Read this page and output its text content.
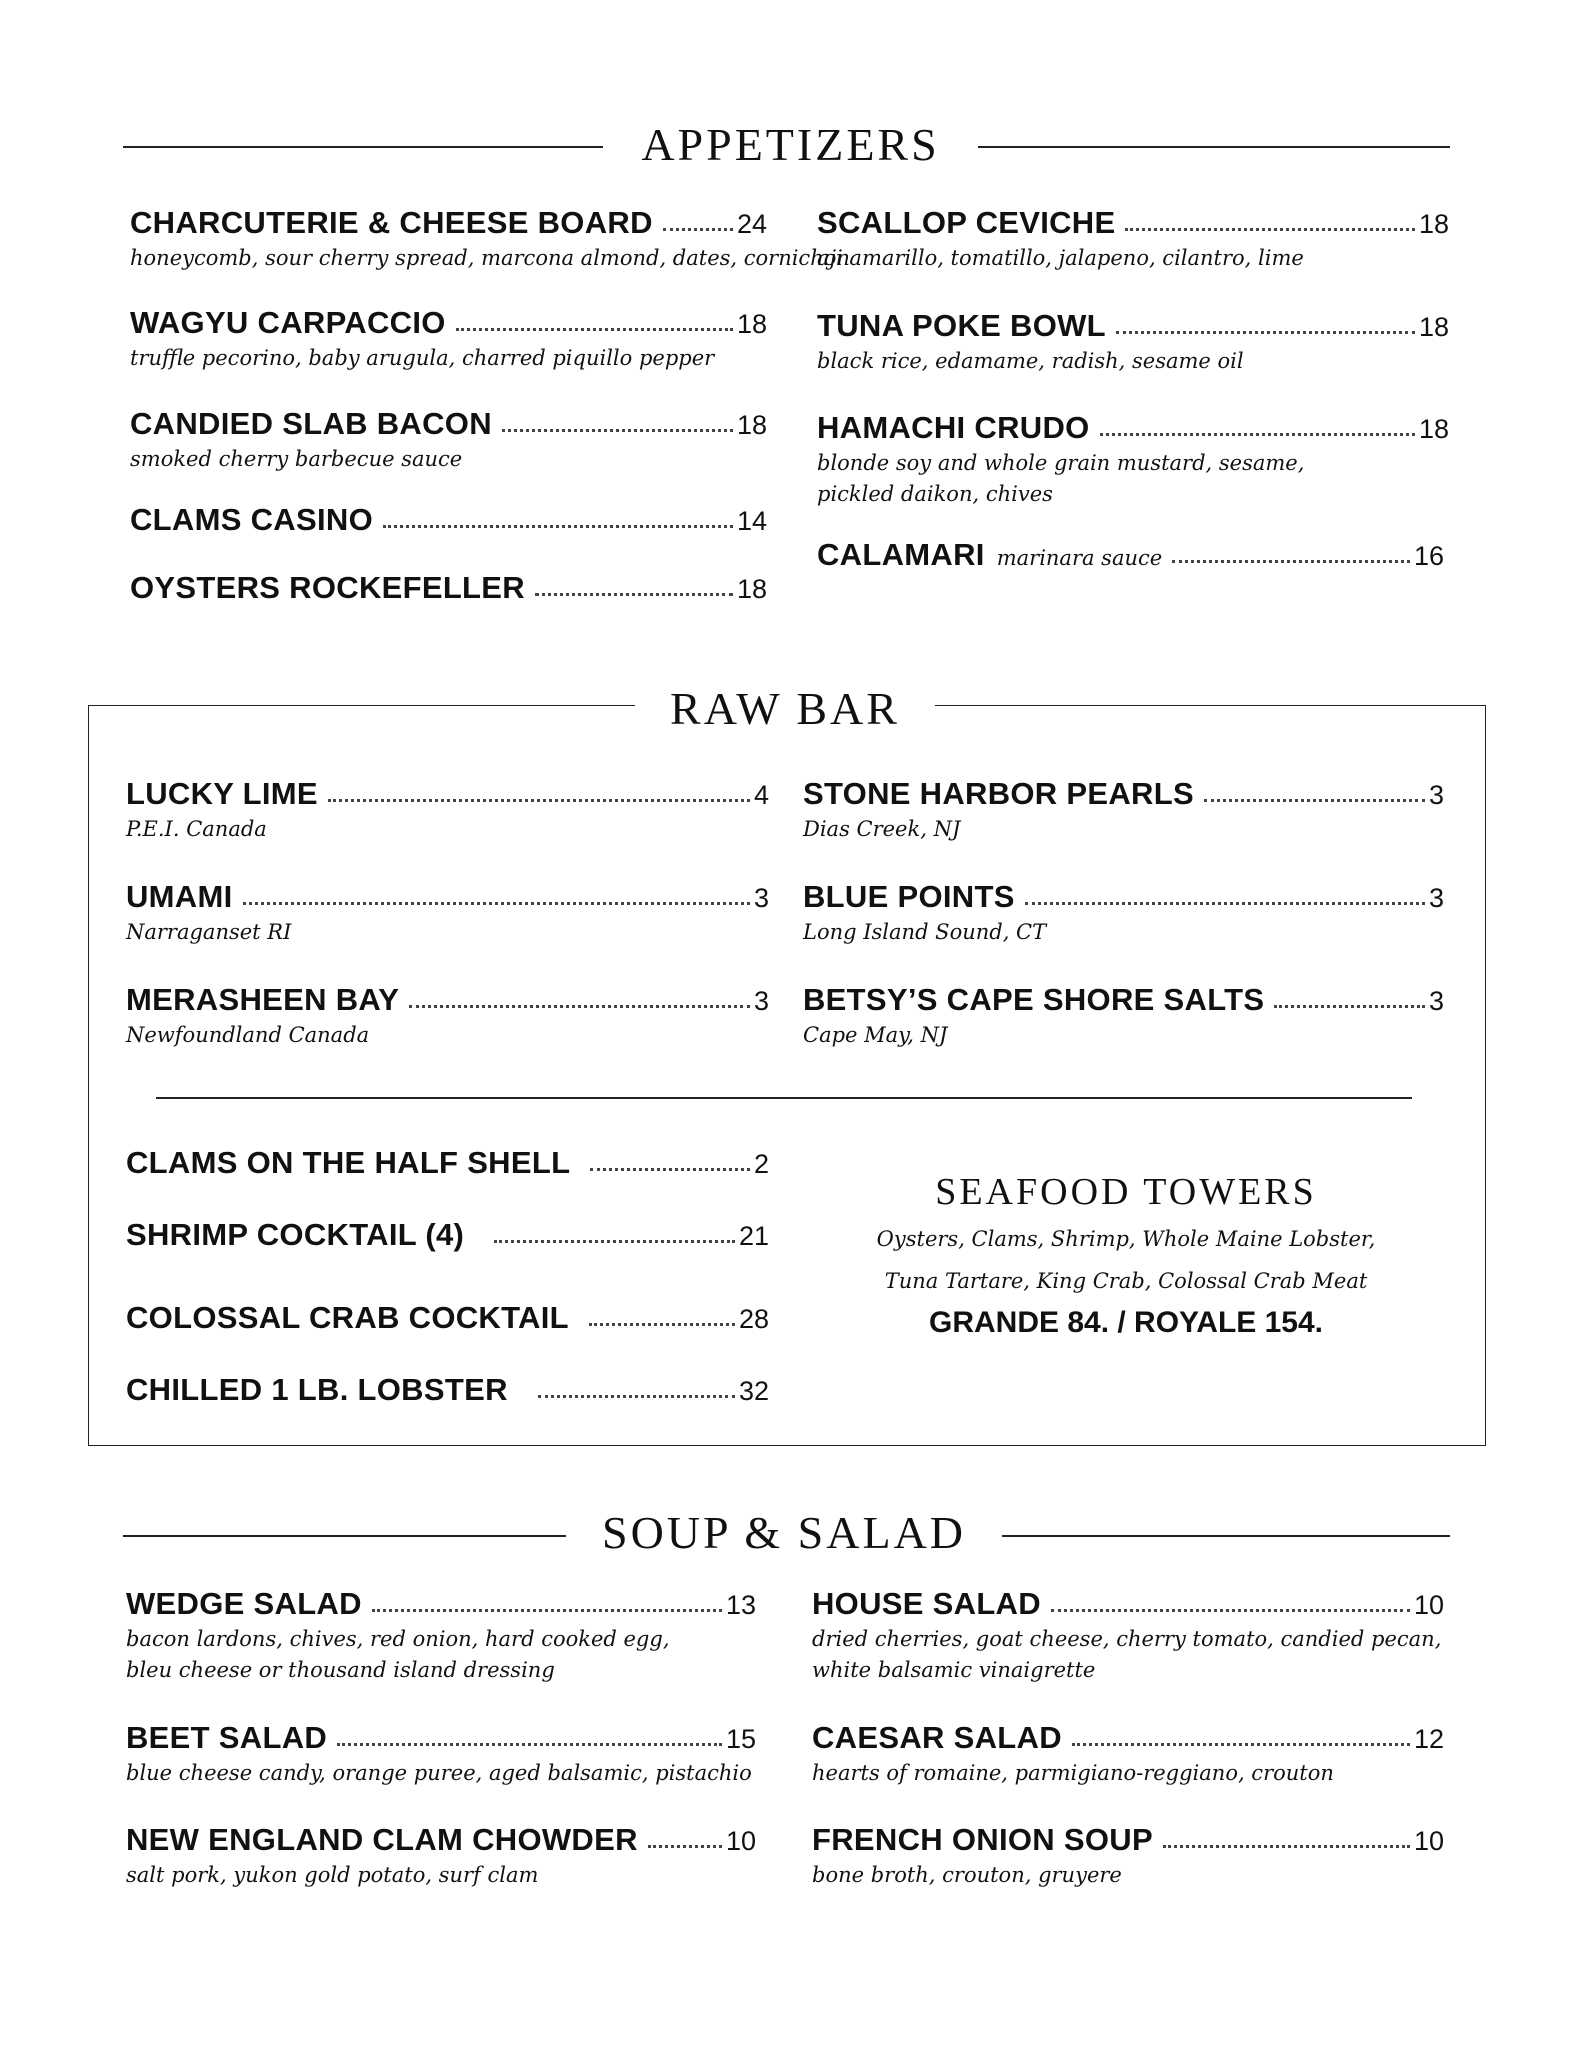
APPETIZERS
CHARCUTERIE & CHEESE BOARD	24
honeycomb, sour cherry spread, marcona almond, dates, cornichon
WAGYU CARPACCIO	18
truffle pecorino, baby arugula, charred piquillo pepper
CANDIED SLAB BACON	18
smoked cherry barbecue sauce
CLAMS CASINO	14
OYSTERS ROCKEFELLER	18
SCALLOP CEVICHE	18
aji amarillo, tomatillo, jalapeno, cilantro, lime
TUNA POKE BOWL	18
black rice, edamame, radish, sesame oil
HAMACHI CRUDO	18
blonde soy and whole grain mustard, sesame,
pickled daikon, chives
CALAMARI marinara sauce	16
RAW BAR
LUCKY LIME	4
P.E.I. Canada
UMAMI	3
Narraganset RI
MERASHEEN BAY	3
Newfoundland Canada
STONE HARBOR PEARLS	3
Dias Creek, NJ
BLUE POINTS	3
Long Island Sound, CT
BETSY’S CAPE SHORE SALTS	3
Cape May, NJ
CLAMS ON THE HALF SHELL	2
SHRIMP COCKTAIL (4)	21
COLOSSAL CRAB COCKTAIL	28
CHILLED 1 LB. LOBSTER	32
SEAFOOD TOWERS
Oysters, Clams, Shrimp, Whole Maine Lobster,
Tuna Tartare, King Crab, Colossal Crab Meat
GRANDE 84. / ROYALE 154.
SOUP & SALAD
WEDGE SALAD	13
bacon lardons, chives, red onion, hard cooked egg,
bleu cheese or thousand island dressing
BEET SALAD	15
blue cheese candy, orange puree, aged balsamic, pistachio
NEW ENGLAND CLAM CHOWDER	10
salt pork, yukon gold potato, surf clam
HOUSE SALAD	10
dried cherries, goat cheese, cherry tomato, candied pecan,
white balsamic vinaigrette
CAESAR SALAD	12
hearts of romaine, parmigiano-reggiano, crouton
FRENCH ONION SOUP	10
bone broth, crouton, gruyere
